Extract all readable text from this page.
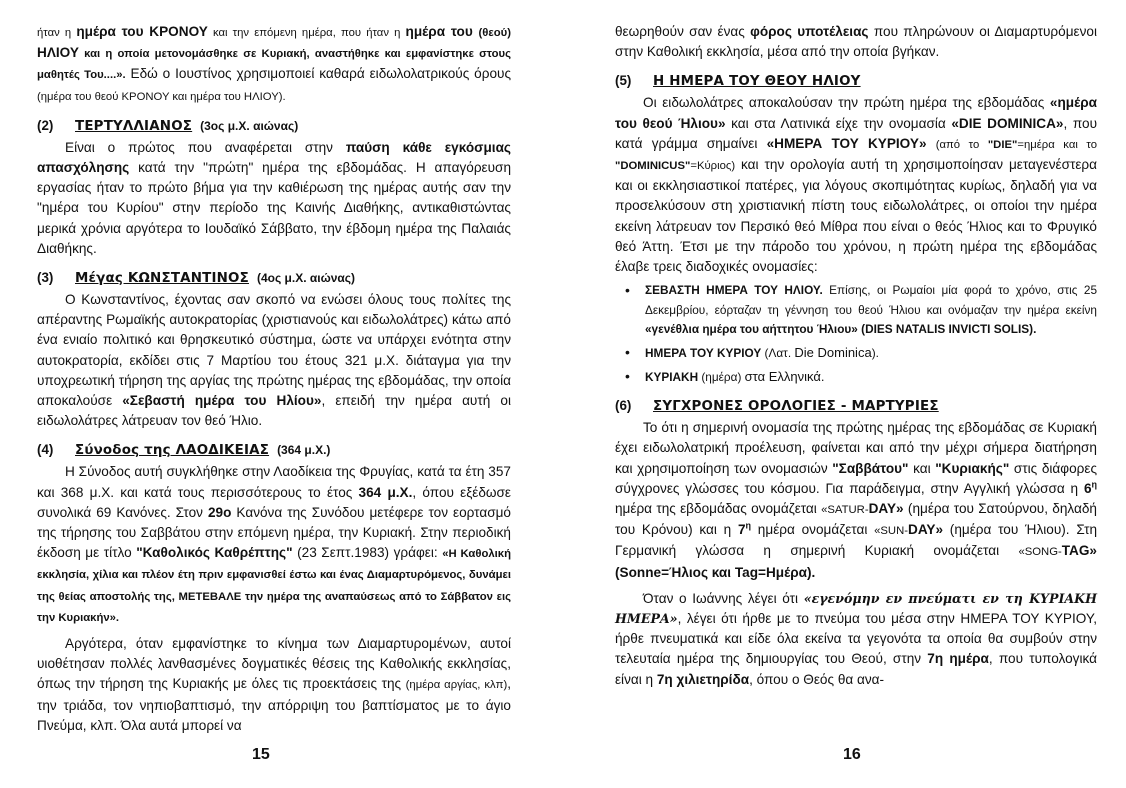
ήταν η ημέρα του ΚΡΟΝΟΥ και την επόμενη ημέρα, που ήταν η ημέρα του (θεού) ΗΛΙΟΥ και η οποία μετονομάσθηκε σε Κυριακή, αναστήθηκε και εμφανίστηκε στους μαθητές Του....». Εδώ ο Ιουστίνος χρησιμοποιεί καθαρά ειδωλολατρικούς όρους (ημέρα του θεού ΚΡΟΝΟΥ και ημέρα του ΗΛΙΟΥ).

(2)	ΤΕΡΤΥΛΛΙΑΝΟΣ (3ος μ.Χ. αιώνας)

Είναι ο πρώτος που αναφέρεται στην παύση κάθε εγκόσμιας απασχόλησης κατά την "πρώτη" ημέρα της εβδομάδας. Η απαγόρευση εργασίας ήταν το πρώτο βήμα για την καθιέρωση της ημέρας αυτής σαν την "ημέρα του Κυρίου" στην περίοδο της Καινής Διαθήκης, αντικαθιστώντας μερικά χρόνια αργότερα το Ιουδαϊκό Σάββατο, την έβδομη ημέρα της Παλαιάς Διαθήκης.

(3)	Μέγας ΚΩΝΣΤΑΝΤΙΝΟΣ (4ος μ.Χ. αιώνας)

Ο Κωνσταντίνος, έχοντας σαν σκοπό να ενώσει όλους τους πολίτες της απέραντης Ρωμαϊκής αυτοκρατορίας (χριστιανούς και ειδωλολάτρες) κάτω από ένα ενιαίο πολιτικό και θρησκευτικό σύστημα, ώστε να υπάρχει ενότητα στην αυτοκρατορία, εκδίδει στις 7 Μαρτίου του έτους 321 μ.Χ. διάταγμα για την υποχρεωτική τήρηση της αργίας της πρώτης ημέρας της εβδομάδας, την οποία αποκαλούσε «Σεβαστή ημέρα του Ηλίου», επειδή την ημέρα αυτή οι ειδωλολάτρες λάτρευαν τον θεό Ήλιο.

(4)	Σύνοδος της ΛΑΟΔΙΚΕΙΑΣ (364 μ.Χ.)

Η Σύνοδος αυτή συγκλήθηκε στην Λαοδίκεια της Φρυγίας, κατά τα έτη 357 και 368 μ.Χ. και κατά τους περισσότερους το έτος 364 μ.Χ., όπου εξέδωσε συνολικά 69 Κανόνες. Στον 29ο Κανόνα της Συνόδου μετέφερε τον εορτασμό της τήρησης του Σαββάτου στην επόμενη ημέρα, την Κυριακή. Στην περιοδική έκδοση με τίτλο "Καθολικός Καθρέπτης" (23 Σεπτ.1983) γράφει: «Η Καθολική εκκλησία, χίλια και πλέον έτη πριν εμφανισθεί έστω και ένας Διαμαρτυρόμενος, δυνάμει της θείας αποστολής της, ΜΕΤΕΒΑΛΕ την ημέρα της αναπαύσεως από το Σάββατον εις την Κυριακήν».

Αργότερα, όταν εμφανίστηκε το κίνημα των Διαμαρτυρομένων, αυτοί υιοθέτησαν πολλές λανθασμένες δογματικές θέσεις της Καθολικής εκκλησίας, όπως την τήρηση της Κυριακής με όλες τις προεκτάσεις της (ημέρα αργίας, κλπ), την τριάδα, τον νηπιοβαπτισμό, την απόρριψη του βαπτίσματος με το άγιο Πνεύμα, κλπ. Όλα αυτά μπορεί να

15

θεωρηθούν σαν ένας φόρος υποτέλειας που πληρώνουν οι Διαμαρτυρόμενοι στην Καθολική εκκλησία, μέσα από την οποία βγήκαν.

(5)	Η ΗΜΕΡΑ ΤΟΥ ΘΕΟΥ ΗΛΙΟΥ

Οι ειδωλολάτρες αποκαλούσαν την πρώτη ημέρα της εβδομάδας «ημέρα του θεού Ήλιου» και στα Λατινικά είχε την ονομασία «DIE DOMINICA», που κατά γράμμα σημαίνει «ΗΜΕΡΑ ΤΟΥ ΚΥΡΙΟΥ» (από το "DIE"=ημέρα και το "DOMINICUS"=Κύριος) και την ορολογία αυτή τη χρησιμοποίησαν μεταγενέστερα και οι εκκλησιαστικοί πατέρες, για λόγους σκοπιμότητας κυρίως, δηλαδή για να προσελκύσουν στη χριστιανική πίστη τους ειδωλολάτρες, οι οποίοι την ημέρα εκείνη λάτρευαν τον Περσικό θεό Μίθρα που είναι ο θεός Ήλιος και το Φρυγικό θεό Άττη. Έτσι με την πάροδο του χρόνου, η πρώτη ημέρα της εβδομάδας έλαβε τρεις διαδοχικές ονομασίες:

• ΣΕΒΑΣΤΗ ΗΜΕΡΑ ΤΟΥ ΗΛΙΟΥ. Επίσης, οι Ρωμαίοι μία φορά το χρόνο, στις 25 Δεκεμβρίου, εόρταζαν τη γέννηση του θεού Ήλιου και ονόμαζαν την ημέρα εκείνη «γενέθλια ημέρα του αήττητου Ήλιου» (DIES NATALIS INVICTI SOLIS).
• ΗΜΕΡΑ ΤΟΥ ΚΥΡΙΟΥ (Λατ. Die Dominica).
• ΚΥΡΙΑΚΗ (ημέρα) στα Ελληνικά.
(6)	ΣΥΓΧΡΟΝΕΣ ΟΡΟΛΟΓΙΕΣ - ΜΑΡΤΥΡΙΕΣ

Το ότι η σημερινή ονομασία της πρώτης ημέρας της εβδομάδας σε Κυριακή έχει ειδωλολατρική προέλευση, φαίνεται και από την μέχρι σήμερα διατήρηση και χρησιμοποίηση των ονομασιών "Σαββάτου" και "Κυριακής" στις διάφορες σύγχρονες γλώσσες του κόσμου. Για παράδειγμα, στην Αγγλική γλώσσα η $6^\eta$ ημέρα της εβδομάδας ονομάζεται «SATUR-DAY» (ημέρα του Σατούρνου, δηλαδή του Κρόνου) και η $7^\eta$ ημέρα ονομάζεται «SUN-DAY» (ημέρα του Ήλιου). Στη Γερμανική γλώσσα η σημερινή Κυριακή ονομάζεται «SONG-TAG» (Sonne=Ήλιος και Tag=Ημέρα).

Όταν ο Ιωάννης λέγει ότι «εγενόμην εν πνεύματι εν τη ΚΥΡΙΑΚΗ ΗΜΕΡΑ», λέγει ότι ήρθε με το πνεύμα του μέσα στην ΗΜΕΡΑ ΤΟΥ ΚΥΡΙΟΥ, ήρθε πνευματικά και είδε όλα εκείνα τα γεγονότα τα οποία θα συμβούν στην τελευταία ημέρα της δημιουργίας του Θεού, στην 7η ημέρα, που τυπολογικά είναι η 7η χιλιετηρίδα, όπου ο Θεός θα ανα-

16
